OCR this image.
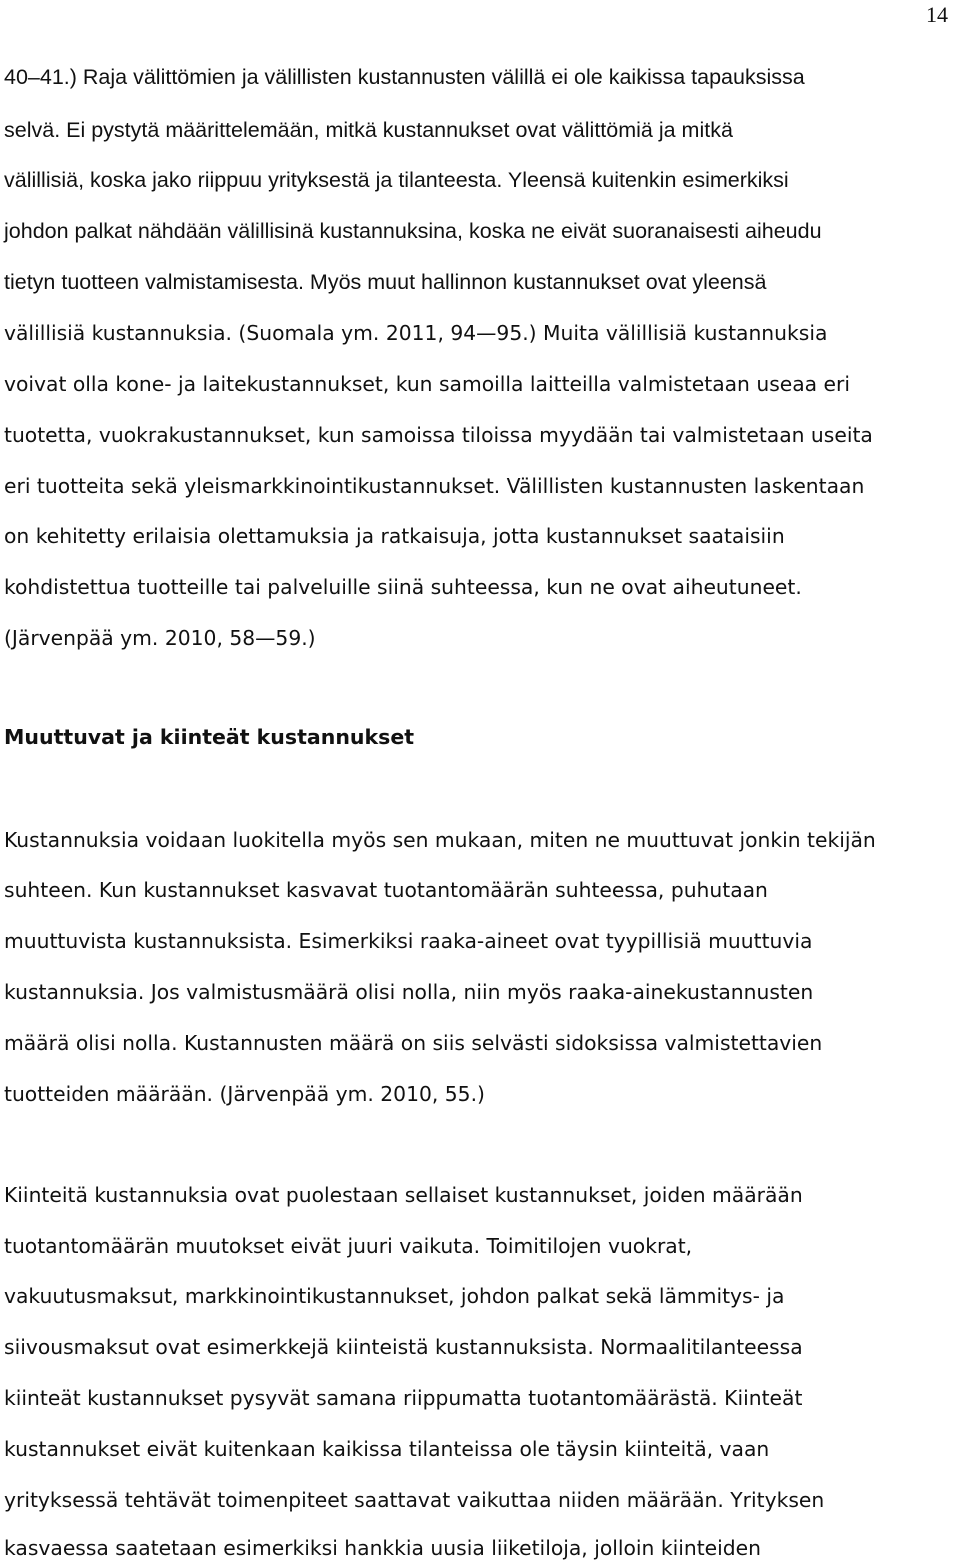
14
40–41.) Raja välittömien ja välillisten kustannusten välillä ei ole kaikissa tapauksissa
selvä. Ei pystytä määrittelemään, mitkä kustannukset ovat välittömiä ja mitkä
välillisiä, koska jako riippuu yrityksestä ja tilanteesta. Yleensä kuitenkin esimerkiksi
johdon palkat nähdään välillisinä kustannuksina, koska ne eivät suoranaisesti aiheudu
tietyn tuotteen valmistamisesta. Myös muut hallinnon kustannukset ovat yleensä
välillisiä kustannuksia. (Suomala ym. 2011, 94—95.) Muita välillisiä kustannuksia
voivat olla kone- ja laitekustannukset, kun samoilla laitteilla valmistetaan useaa eri
tuotetta, vuokrakustannukset, kun samoissa tiloissa myydään tai valmistetaan useita
eri tuotteita sekä yleismarkkinointikustannukset. Välillisten kustannusten laskentaan
on kehitetty erilaisia olettamuksia ja ratkaisuja, jotta kustannukset saataisiin
kohdistettua tuotteille tai palveluille siinä suhteessa, kun ne ovat aiheutuneet.
(Järvenpää ym. 2010, 58—59.)
Muuttuvat ja kiinteät kustannukset
Kustannuksia voidaan luokitella myös sen mukaan, miten ne muuttuvat jonkin tekijän
suhteen. Kun kustannukset kasvavat tuotantomäärän suhteessa, puhutaan
muuttuvista kustannuksista. Esimerkiksi raaka-aineet ovat tyypillisiä muuttuvia
kustannuksia. Jos valmistusmäärä olisi nolla, niin myös raaka-ainekustannusten
määrä olisi nolla. Kustannusten määrä on siis selvästi sidoksissa valmistettavien
tuotteiden määrään. (Järvenpää ym. 2010, 55.)
Kiinteitä kustannuksia ovat puolestaan sellaiset kustannukset, joiden määrään
tuotantomäärän muutokset eivät juuri vaikuta. Toimitilojen vuokrat,
vakuutusmaksut, markkinointikustannukset, johdon palkat sekä lämmitys- ja
siivousmaksut ovat esimerkkejä kiinteistä kustannuksista. Normaalitilanteessa
kiinteät kustannukset pysyvät samana riippumatta tuotantomäärästä. Kiinteät
kustannukset eivät kuitenkaan kaikissa tilanteissa ole täysin kiinteitä, vaan
yrityksessä tehtävät toimenpiteet saattavat vaikuttaa niiden määrään. Yrityksen
kasvaessa saatetaan esimerkiksi hankkia uusia liiketiloja, jolloin kiinteiden
